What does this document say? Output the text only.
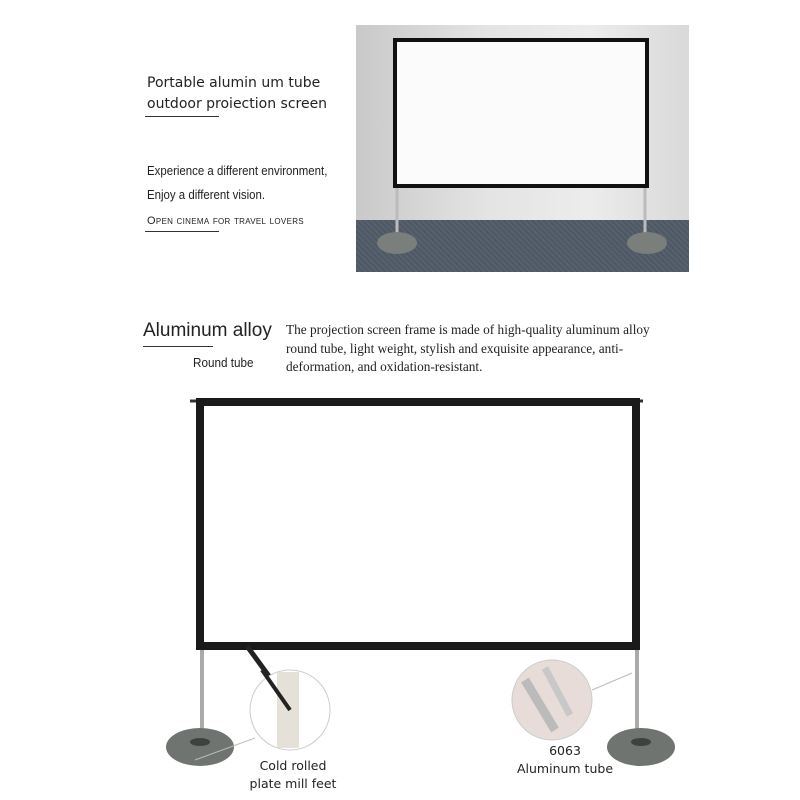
Portable alumin um tube
outdoor proiection screen
Experience a different environment,
Enjoy a different vision.
Open cinema for travel lovers
Aluminum alloy
Round tube
The projection screen frame is made of high-quality aluminum alloy round tube, light weight, stylish and exquisite appearance, anti-deformation, and oxidation-resistant.
Cold rolled
plate mill feet
6063
Aluminum tube
